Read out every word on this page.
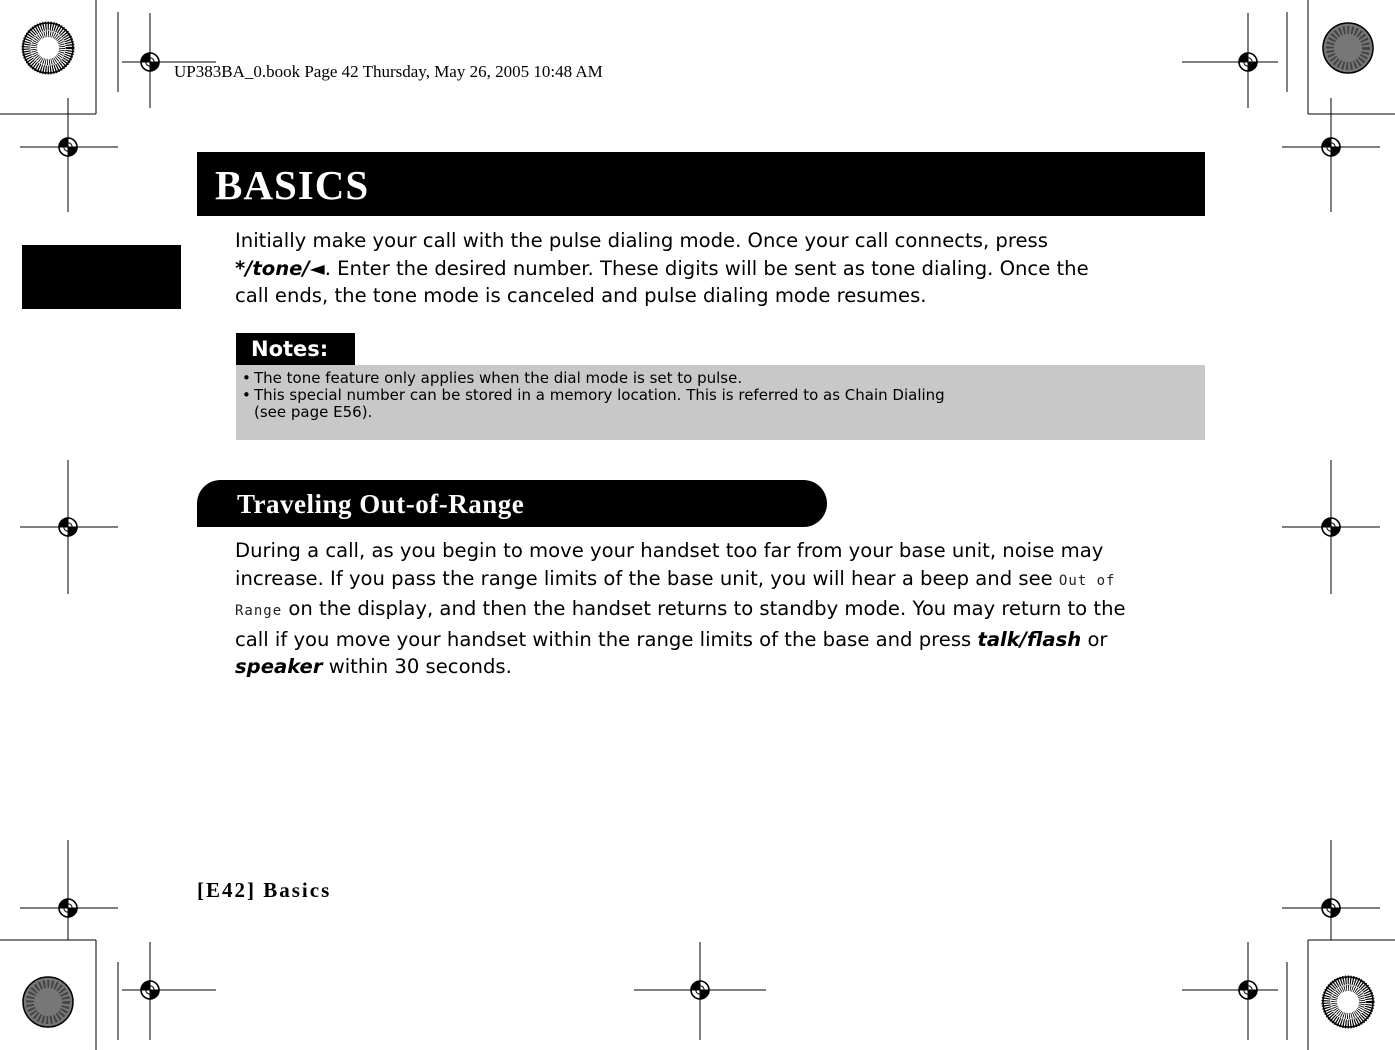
UP383BA_0.book Page 42 Thursday, May 26, 2005 10:48 AM
BASICS
Initially make your call with the pulse dialing mode. Once your call connects, press
*/tone/◄. Enter the desired number. These digits will be sent as tone dialing. Once the
call ends, the tone mode is canceled and pulse dialing mode resumes.
Notes:
• The tone feature only applies when the dial mode is set to pulse.
• This special number can be stored in a memory location. This is referred to as Chain Dialing
(see page E56).
Traveling Out-of-Range
During a call, as you begin to move your handset too far from your base unit, noise may
increase. If you pass the range limits of the base unit, you will hear a beep and see Out of
Range on the display, and then the handset returns to standby mode. You may return to the
call if you move your handset within the range limits of the base and press talk/flash or
speaker within 30 seconds.
[E42] Basics
